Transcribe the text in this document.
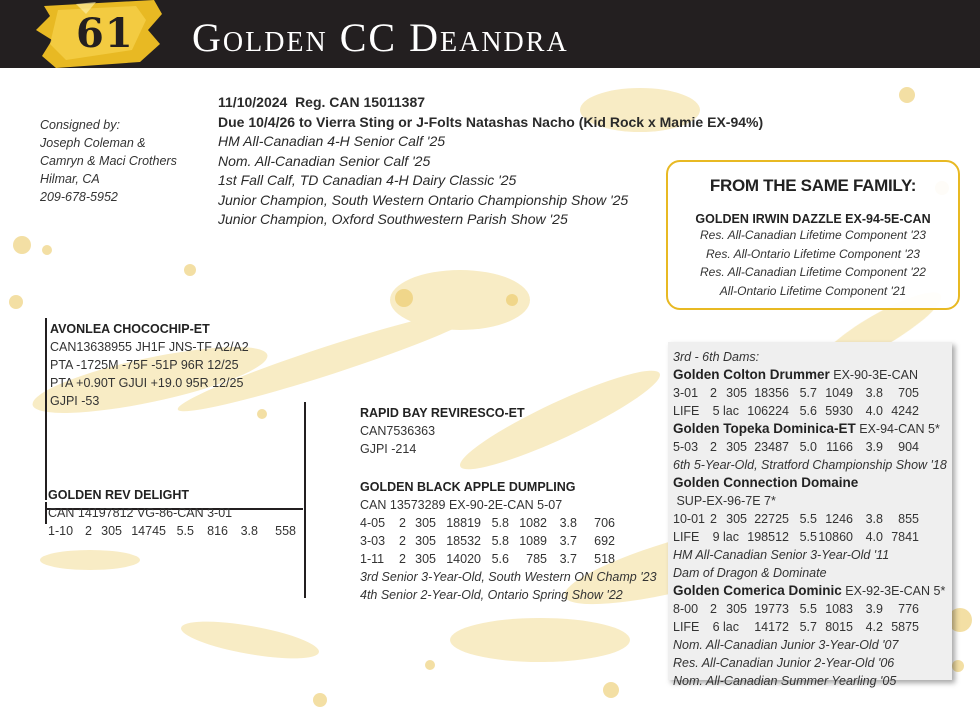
61 Golden CC Deandra
Consigned by:
Joseph Coleman &
Camryn & Maci Crothers
Hilmar, CA
209-678-5952
11/10/2024  Reg. CAN 15011387
Due 10/4/26 to Vierra Sting or J-Folts Natashas Nacho (Kid Rock x Mamie EX-94%)
HM All-Canadian 4-H Senior Calf '25
Nom. All-Canadian Senior Calf '25
1st Fall Calf, TD Canadian 4-H Dairy Classic '25
Junior Champion, South Western Ontario Championship Show '25
Junior Champion, Oxford Southwestern Parish Show '25
FROM THE SAME FAMILY:
GOLDEN IRWIN DAZZLE EX-94-5E-CAN
Res. All-Canadian Lifetime Component '23
Res. All-Ontario Lifetime Component '23
Res. All-Canadian Lifetime Component '22
All-Ontario Lifetime Component '21
AVONLEA CHOCOCHIP-ET
CAN13638955 JH1F JNS-TF A2/A2
PTA -1725M -75F -51P 96R 12/25
PTA +0.90T GJUI +19.0 95R 12/25
GJPI -53
GOLDEN REV DELIGHT
CAN 14197812 VG-86-CAN 3-01
1-10 2 305 14745 5.5	816	3.8	558
RAPID BAY REVIRESCO-ET
CAN7536363
GJPI -214
GOLDEN BLACK APPLE DUMPLING
CAN 13573289 EX-90-2E-CAN 5-07
4-05	2 305 18819 5.8 1082	3.8	706
3-03	2 305 18532 5.8 1089	3.7	692
1-11	2 305 14020 5.6	785	3.7	518
3rd Senior 3-Year-Old, South Western ON Champ '23
4th Senior 2-Year-Old, Ontario Spring Show '22
3rd - 6th Dams:
Golden Colton Drummer EX-90-3E-CAN
3-01 2 305 18356 5.7 1049	3.8	705
LIFE	5 lac 106224 5.6 5930	4.0 4242
Golden Topeka Dominica-ET EX-94-CAN 5*
5-03 2 305 23487 5.0 1166	3.9	904
6th 5-Year-Old, Stratford Championship Show '18
Golden Connection Domaine SUP-EX-96-7E 7*
10-01 2 305 22725 5.5 1246	3.8	855
LIFE	9 lac 198512 5.5 10860	4.0 7841
HM All-Canadian Senior 3-Year-Old '11
Dam of Dragon & Dominate
Golden Comerica Dominic EX-92-3E-CAN 5*
8-00 2 305 19773 5.5 1083	3.9	776
LIFE	6 lac	14172 5.7 8015	4.2 5875
Nom. All-Canadian Junior 3-Year-Old '07
Res. All-Canadian Junior 2-Year-Old '06
Nom. All-Canadian Summer Yearling '05
